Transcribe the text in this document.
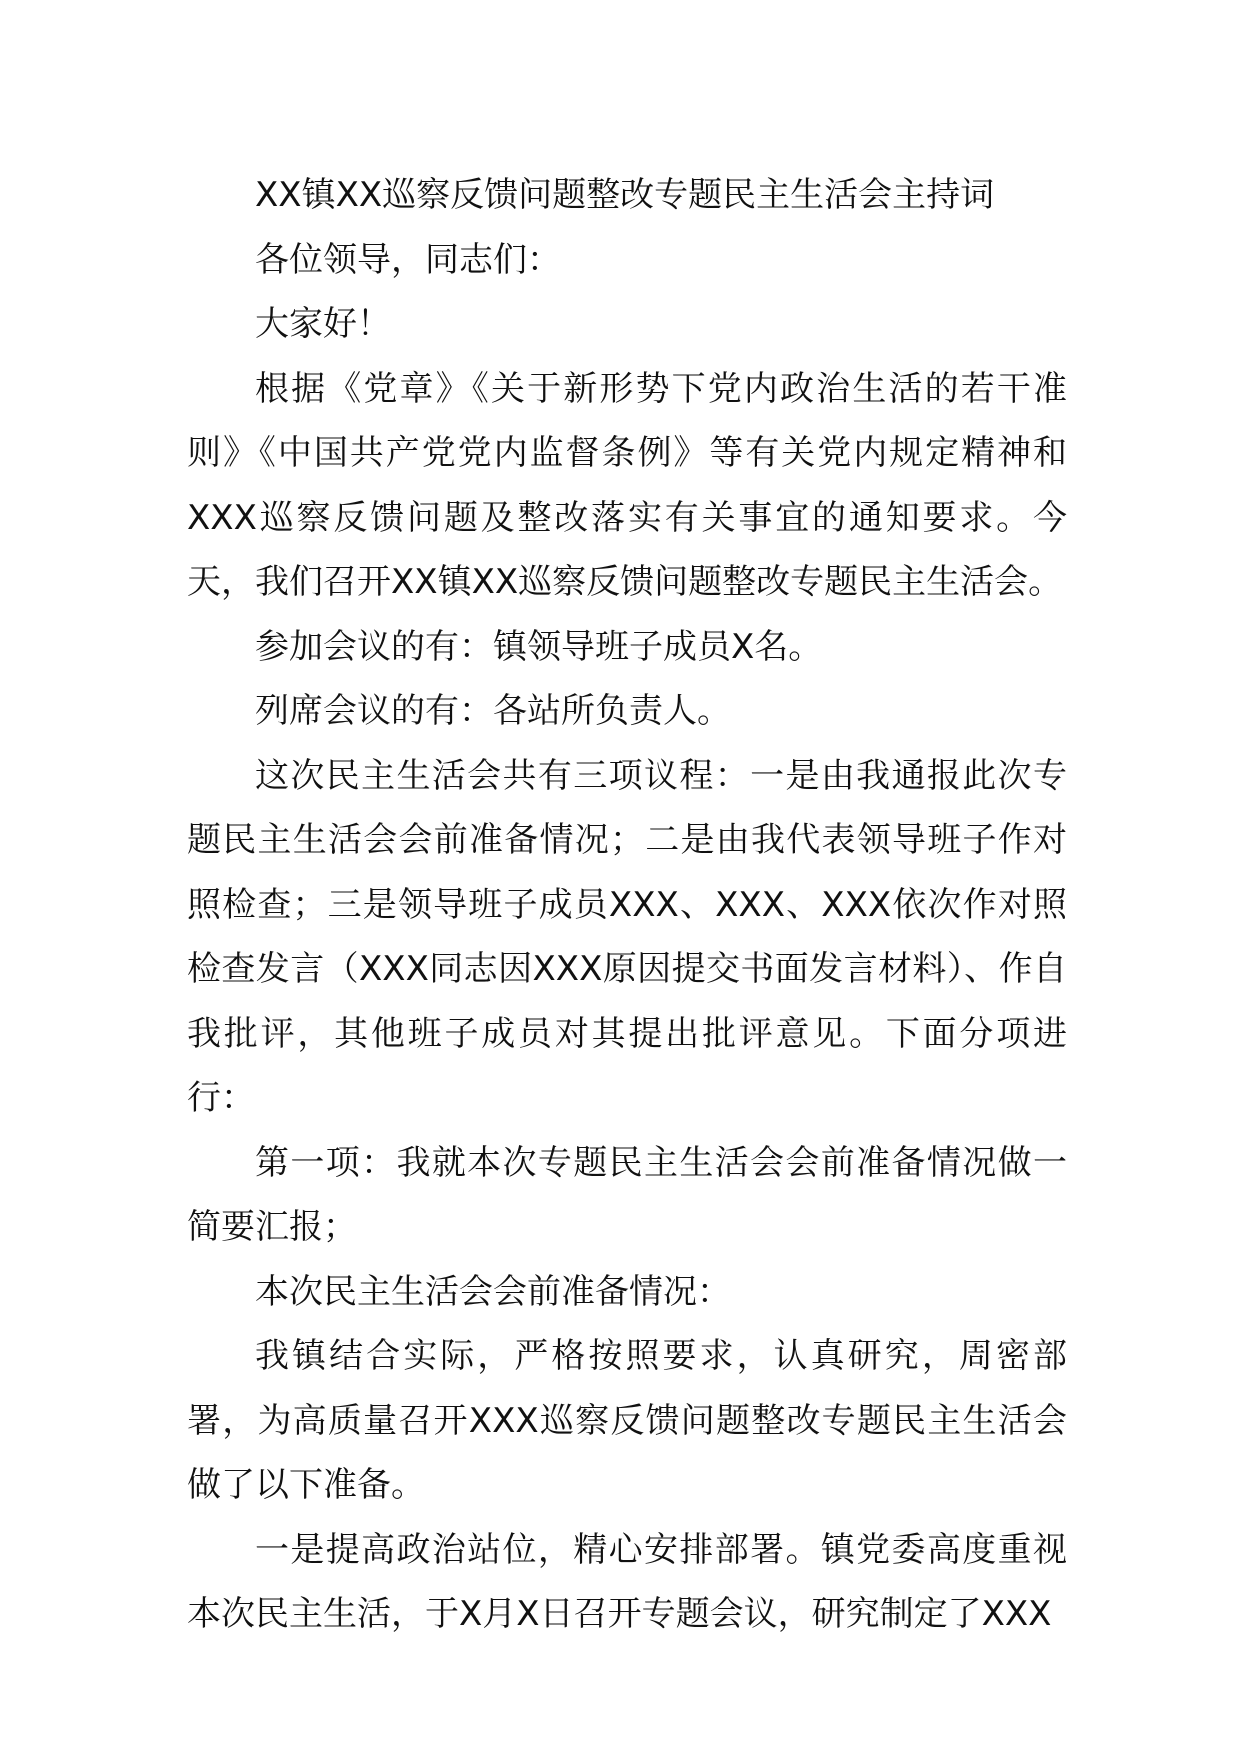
XX镇XX巡察反馈问题整改专题民主生活会主持词

各位领导，同志们：

大家好！

根据《党章》《关于新形势下党内政治生活的若干准则》《中国共产党党内监督条例》等有关党内规定精神和XXX巡察反馈问题及整改落实有关事宜的通知要求。今天，我们召开XX镇XX巡察反馈问题整改专题民主生活会。

参加会议的有：镇领导班子成员X名。

列席会议的有：各站所负责人。

这次民主生活会共有三项议程：一是由我通报此次专题民主生活会会前准备情况；二是由我代表领导班子作对照检查；三是领导班子成员XXX、XXX、XXX依次作对照检查发言（XXX同志因XXX原因提交书面发言材料）、作自我批评，其他班子成员对其提出批评意见。下面分项进行：

第一项：我就本次专题民主生活会会前准备情况做一简要汇报；

本次民主生活会会前准备情况：

我镇结合实际，严格按照要求，认真研究，周密部署，为高质量召开XXX巡察反馈问题整改专题民主生活会做了以下准备。

一是提高政治站位，精心安排部署。镇党委高度重视本次民主生活，于X月X日召开专题会议，研究制定了XXX
